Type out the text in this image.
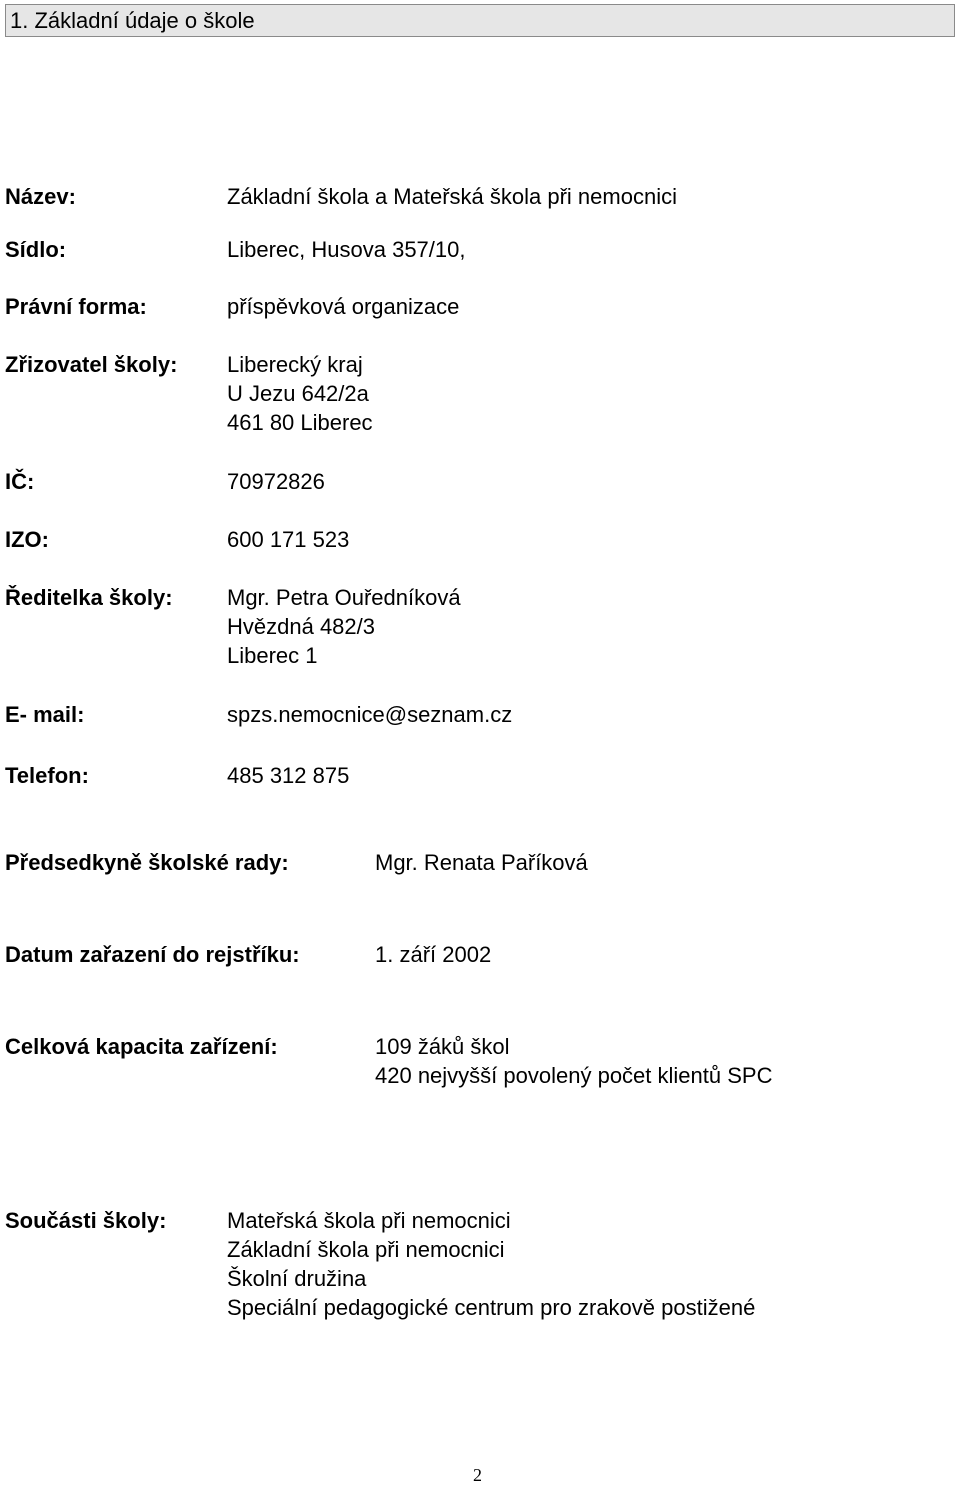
1. Základní údaje o škole
Název:	Základní škola a Mateřská škola při nemocnici
Sídlo:	Liberec, Husova 357/10,
Právní forma:	příspěvková organizace
Zřizovatel školy: Liberecký kraj
U Jezu 642/2a
461 80 Liberec
IČ:	70972826
IZO:	600 171 523
Ředitelka školy: Mgr. Petra Ouředníková
Hvězdná 482/3
Liberec 1
E- mail:	spzs.nemocnice@seznam.cz
Telefon:	485 312 875
Předsedkyně školské rady:	Mgr. Renata Paříková
Datum zařazení do rejstříku:	1. září 2002
Celková kapacita zařízení:	109 žáků škol
420 nejvyšší povolený počet klientů SPC
Součásti školy:	Mateřská škola při nemocnici
Základní škola při nemocnici
Školní družina
Speciální pedagogické centrum pro zrakově postižené
2
